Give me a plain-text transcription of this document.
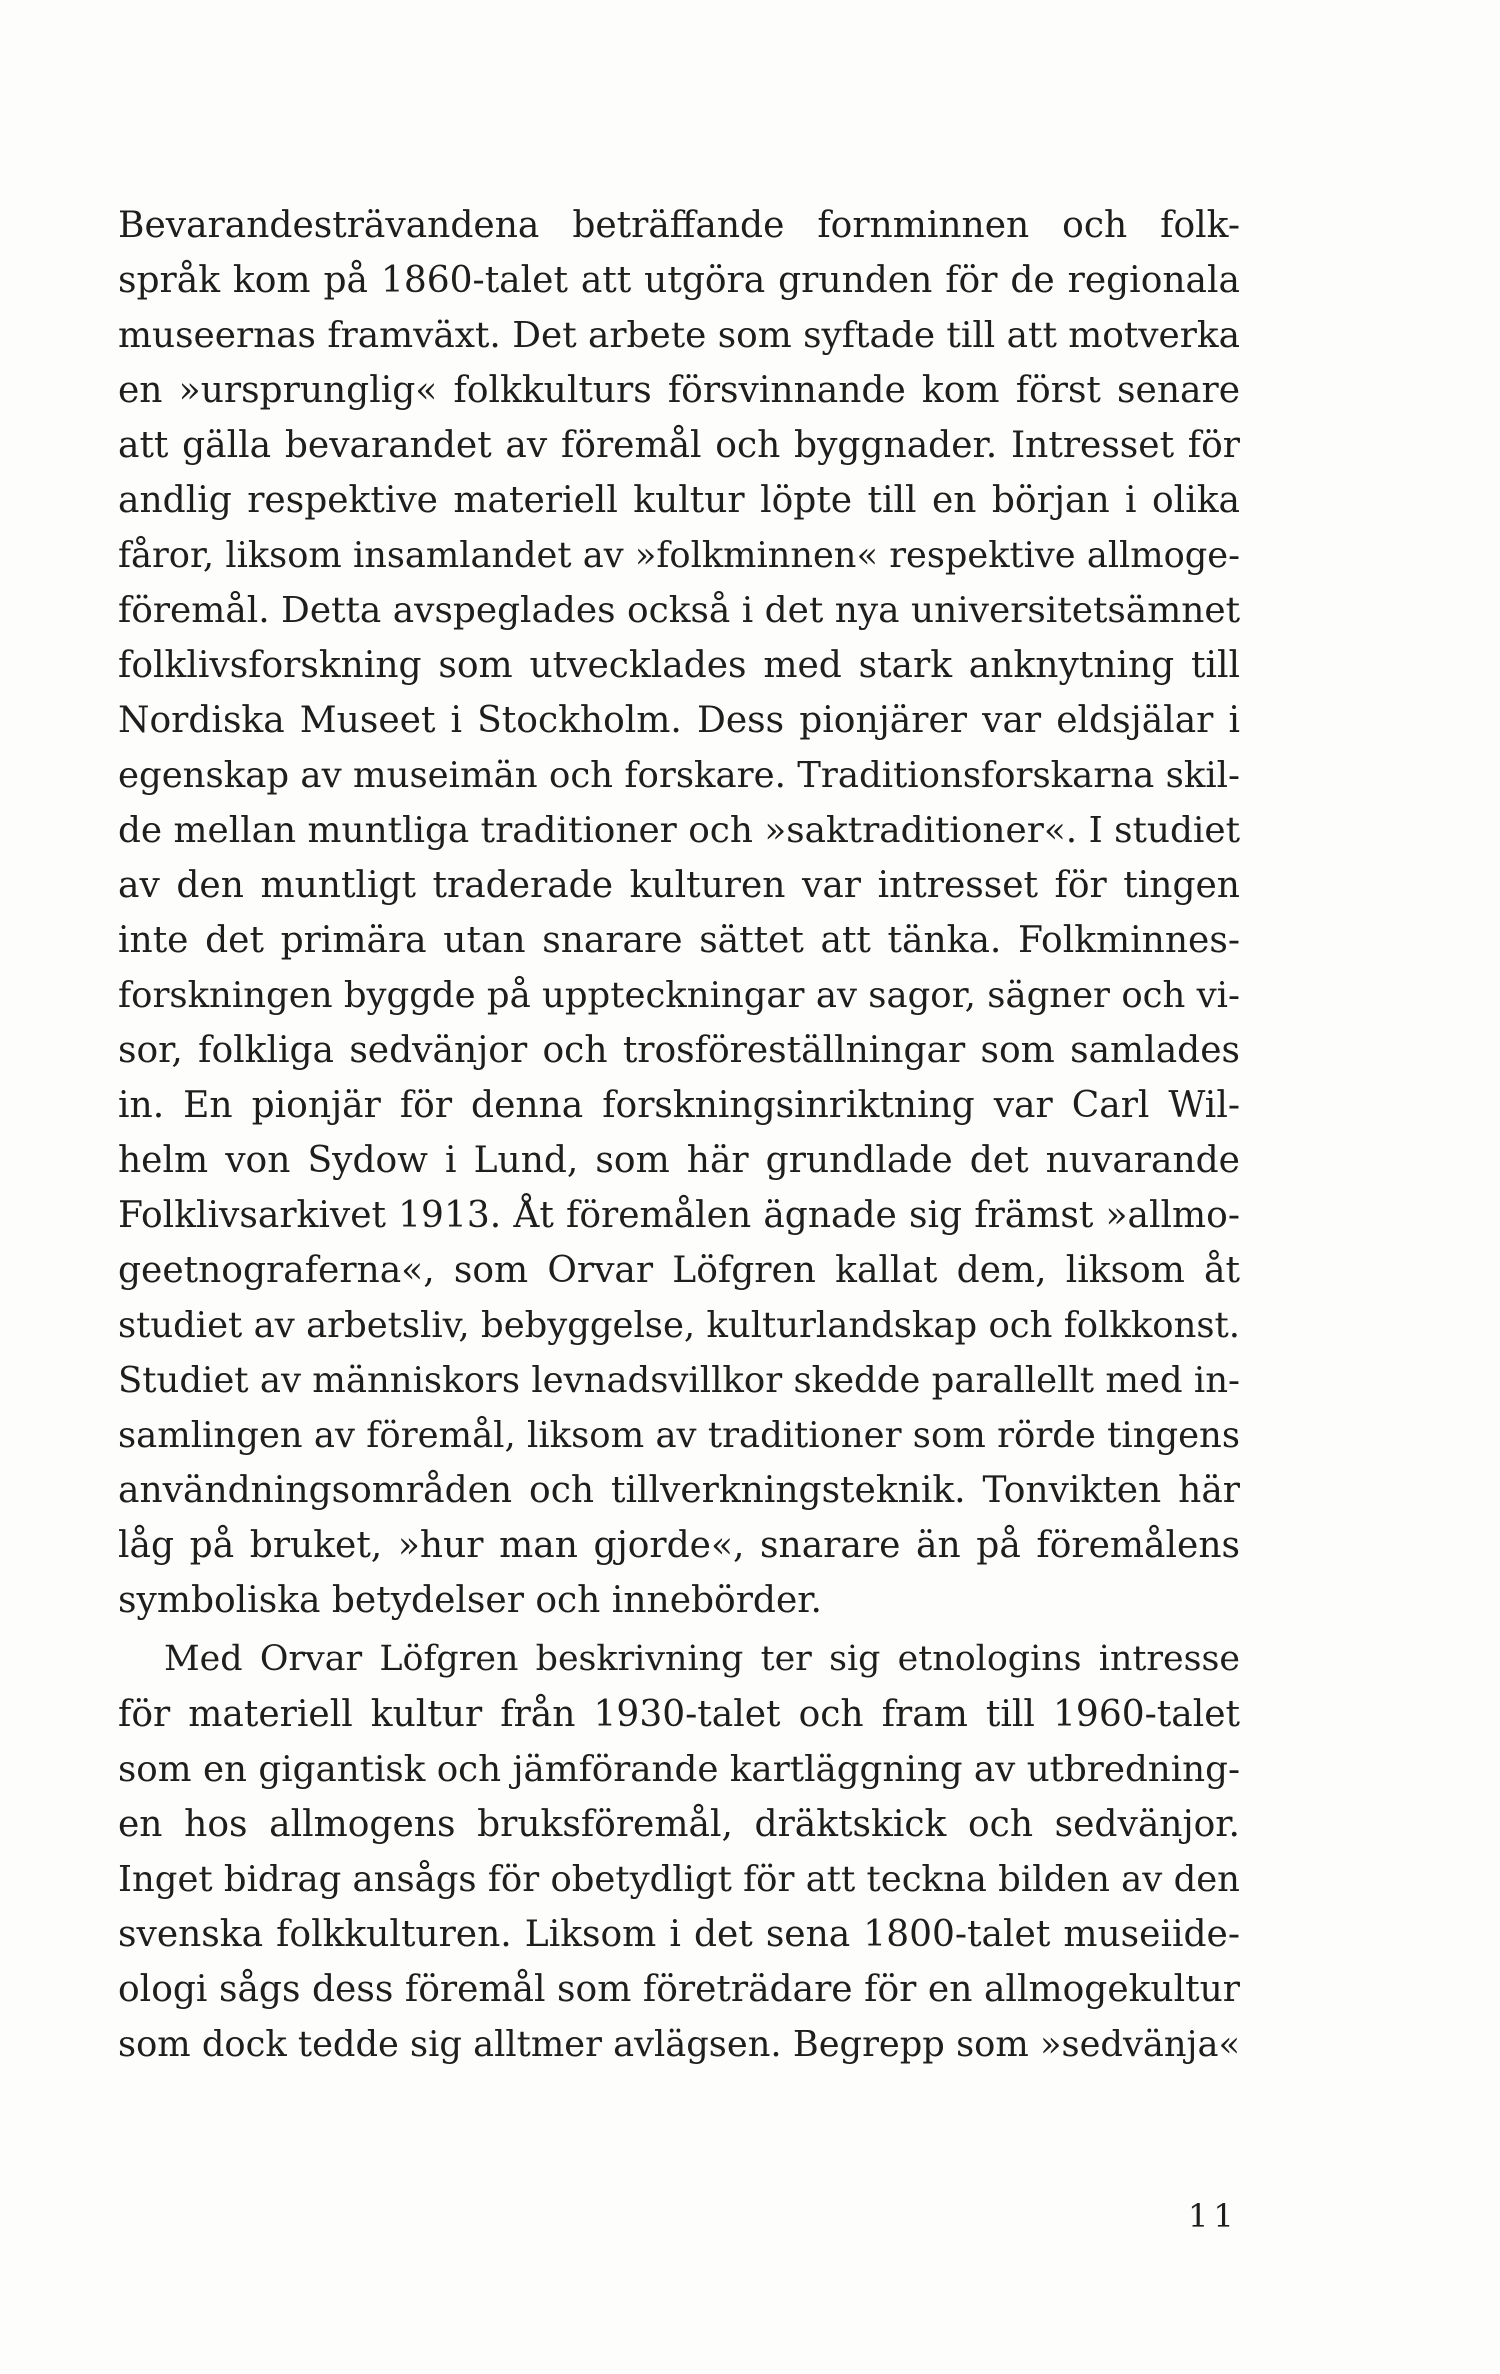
Bevarandesträvandena beträffande fornminnen och folk-
språk kom på 1860-talet att utgöra grunden för de regionala
museernas framväxt. Det arbete som syftade till att motverka
en »ursprunglig« folkkulturs försvinnande kom först senare
att gälla bevarandet av föremål och byggnader. Intresset för
andlig respektive materiell kultur löpte till en början i olika
fåror, liksom insamlandet av »folkminnen« respektive allmoge-
föremål. Detta avspeglades också i det nya universitetsämnet
folklivsforskning som utvecklades med stark anknytning till
Nordiska Museet i Stockholm. Dess pionjärer var eldsjälar i
egenskap av museimän och forskare. Traditionsforskarna skil-
de mellan muntliga traditioner och »saktraditioner«. I studiet
av den muntligt traderade kulturen var intresset för tingen
inte det primära utan snarare sättet att tänka. Folkminnes-
forskningen byggde på uppteckningar av sagor, sägner och vi-
sor, folkliga sedvänjor och trosföreställningar som samlades
in. En pionjär för denna forskningsinriktning var Carl Wil-
helm von Sydow i Lund, som här grundlade det nuvarande
Folklivsarkivet 1913. Åt föremålen ägnade sig främst »allmo-
geetnograferna«, som Orvar Löfgren kallat dem, liksom åt
studiet av arbetsliv, bebyggelse, kulturlandskap och folkkonst.
Studiet av människors levnadsvillkor skedde parallellt med in-
samlingen av föremål, liksom av traditioner som rörde tingens
användningsområden och tillverkningsteknik. Tonvikten här
låg på bruket, »hur man gjorde«, snarare än på föremålens
symboliska betydelser och innebörder.
Med Orvar Löfgren beskrivning ter sig etnologins intresse
för materiell kultur från 1930-talet och fram till 1960-talet
som en gigantisk och jämförande kartläggning av utbredning-
en hos allmogens bruksföremål, dräktskick och sedvänjor.
Inget bidrag ansågs för obetydligt för att teckna bilden av den
svenska folkkulturen. Liksom i det sena 1800-talet museiide-
ologi sågs dess föremål som företrädare för en allmogekultur
som dock tedde sig alltmer avlägsen. Begrepp som »sedvänja«
11
